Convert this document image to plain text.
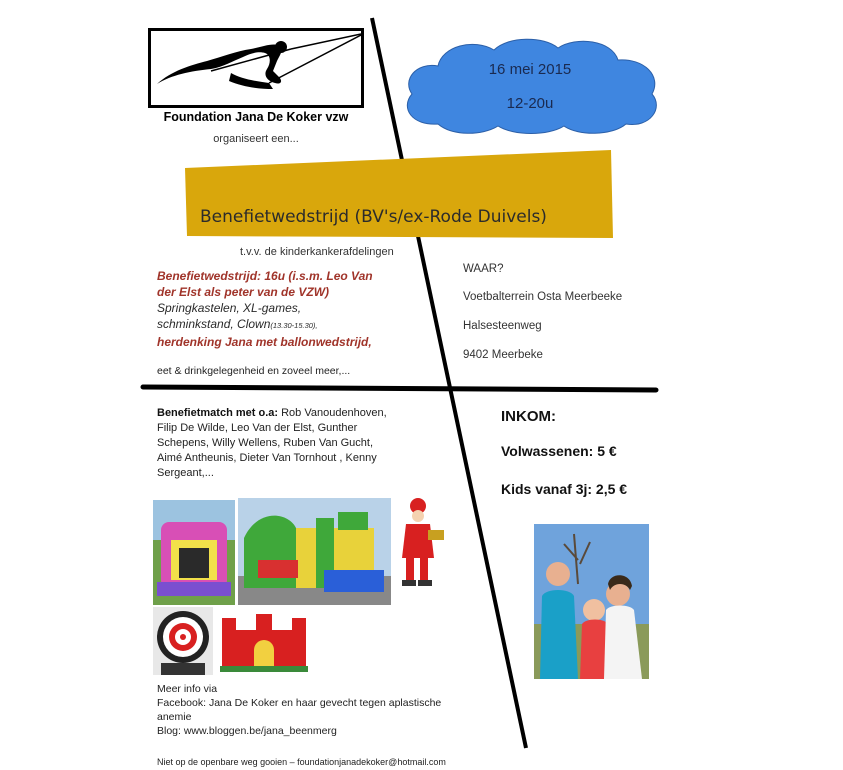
Foundation Jana De Koker vzw
organiseert een...
16 mei 2015
12-20u
Benefietwedstrijd (BV's/ex-Rode Duivels)
t.v.v. de kinderkankerafdelingen
Benefietwedstrijd: 16u (i.s.m. Leo Van
der Elst als peter van de VZW)
Springkastelen, XL-games,
schminkstand, Clown(13.30-15.30),
herdenking Jana met ballonwedstrijd,
eet & drinkgelegenheid en zoveel meer,...
WAAR?
Voetbalterrein Osta Meerbeeke
Halsesteenweg
9402 Meerbeke
Benefietmatch met o.a: Rob Vanoudenhoven,
Filip De Wilde, Leo Van der Elst, Gunther
Schepens, Willy Wellens, Ruben Van Gucht,
Aimé Antheunis, Dieter Van Tornhout , Kenny
Sergeant,...
INKOM:
Volwassenen: 5 €
Kids vanaf 3j: 2,5 €
Meer info via
Facebook: Jana De Koker en haar gevecht tegen aplastische
anemie
Blog: www.bloggen.be/jana_beenmerg
Niet op de openbare weg gooien – foundationjanadekoker@hotmail.com
